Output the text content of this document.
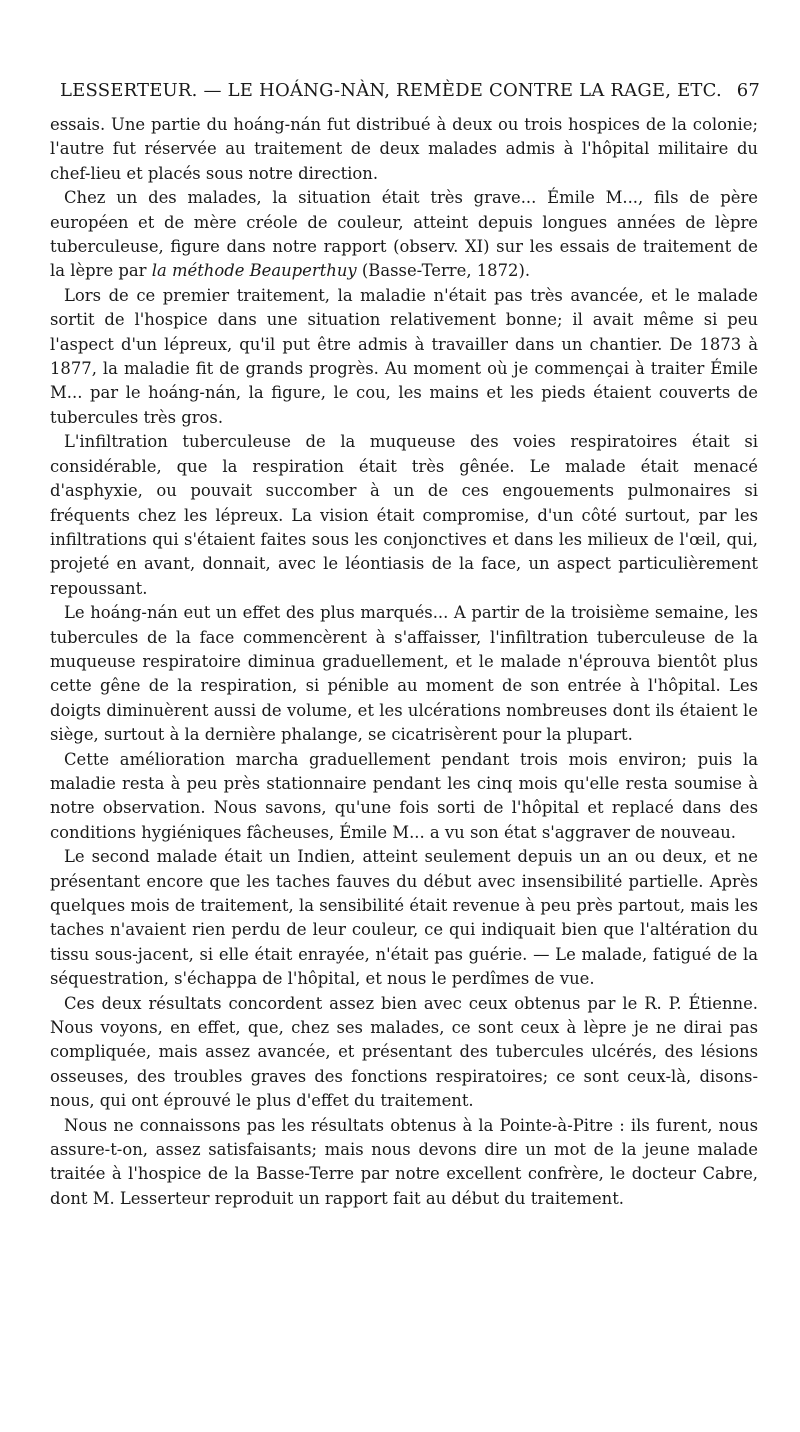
LESSERTEUR. — LE HOÁNG-NÀN, REMÈDE CONTRE LA RAGE, ETC. 67

essais. Une partie du hoáng-nán fut distribué à deux ou trois hospices de la colonie; l'autre fut réservée au traitement de deux malades admis à l'hôpital militaire du chef-lieu et placés sous notre direction.

Chez un des malades, la situation était très grave... Émile M..., fils de père européen et de mère créole de couleur, atteint depuis longues années de lèpre tuberculeuse, figure dans notre rapport (observ. XI) sur les essais de traitement de la lèpre par la méthode Beauperthuy (Basse-Terre, 1872).

Lors de ce premier traitement, la maladie n'était pas très avancée, et le malade sortit de l'hospice dans une situation relativement bonne; il avait même si peu l'aspect d'un lépreux, qu'il put être admis à travailler dans un chantier. De 1873 à 1877, la maladie fit de grands progrès. Au moment où je commençai à traiter Émile M... par le hoáng-nán, la figure, le cou, les mains et les pieds étaient couverts de tubercules très gros.

L'infiltration tuberculeuse de la muqueuse des voies respiratoires était si considérable, que la respiration était très gênée. Le malade était menacé d'asphyxie, ou pouvait succomber à un de ces engouements pulmonaires si fréquents chez les lépreux. La vision était compromise, d'un côté surtout, par les infiltrations qui s'étaient faites sous les conjonctives et dans les milieux de l'œil, qui, projeté en avant, donnait, avec le léontiasis de la face, un aspect particulièrement repoussant.

Le hoáng-nán eut un effet des plus marqués... A partir de la troisième semaine, les tubercules de la face commencèrent à s'affaisser, l'infiltration tuberculeuse de la muqueuse respiratoire diminua graduellement, et le malade n'éprouva bientôt plus cette gêne de la respiration, si pénible au moment de son entrée à l'hôpital. Les doigts diminuèrent aussi de volume, et les ulcérations nombreuses dont ils étaient le siège, surtout à la dernière phalange, se cicatrisèrent pour la plupart.

Cette amélioration marcha graduellement pendant trois mois environ; puis la maladie resta à peu près stationnaire pendant les cinq mois qu'elle resta soumise à notre observation. Nous savons, qu'une fois sorti de l'hôpital et replacé dans des conditions hygiéniques fâcheuses, Émile M... a vu son état s'aggraver de nouveau.

Le second malade était un Indien, atteint seulement depuis un an ou deux, et ne présentant encore que les taches fauves du début avec insensibilité partielle. Après quelques mois de traitement, la sensibilité était revenue à peu près partout, mais les taches n'avaient rien perdu de leur couleur, ce qui indiquait bien que l'altération du tissu sous-jacent, si elle était enrayée, n'était pas guérie. — Le malade, fatigué de la séquestration, s'échappa de l'hôpital, et nous le perdîmes de vue.

Ces deux résultats concordent assez bien avec ceux obtenus par le R. P. Étienne. Nous voyons, en effet, que, chez ses malades, ce sont ceux à lèpre je ne dirai pas compliquée, mais assez avancée, et présentant des tubercules ulcérés, des lésions osseuses, des troubles graves des fonctions respiratoires; ce sont ceux-là, disons-nous, qui ont éprouvé le plus d'effet du traitement.

Nous ne connaissons pas les résultats obtenus à la Pointe-à-Pitre : ils furent, nous assure-t-on, assez satisfaisants; mais nous devons dire un mot de la jeune malade traitée à l'hospice de la Basse-Terre par notre excellent confrère, le docteur Cabre, dont M. Lesserteur reproduit un rapport fait au début du traitement.
